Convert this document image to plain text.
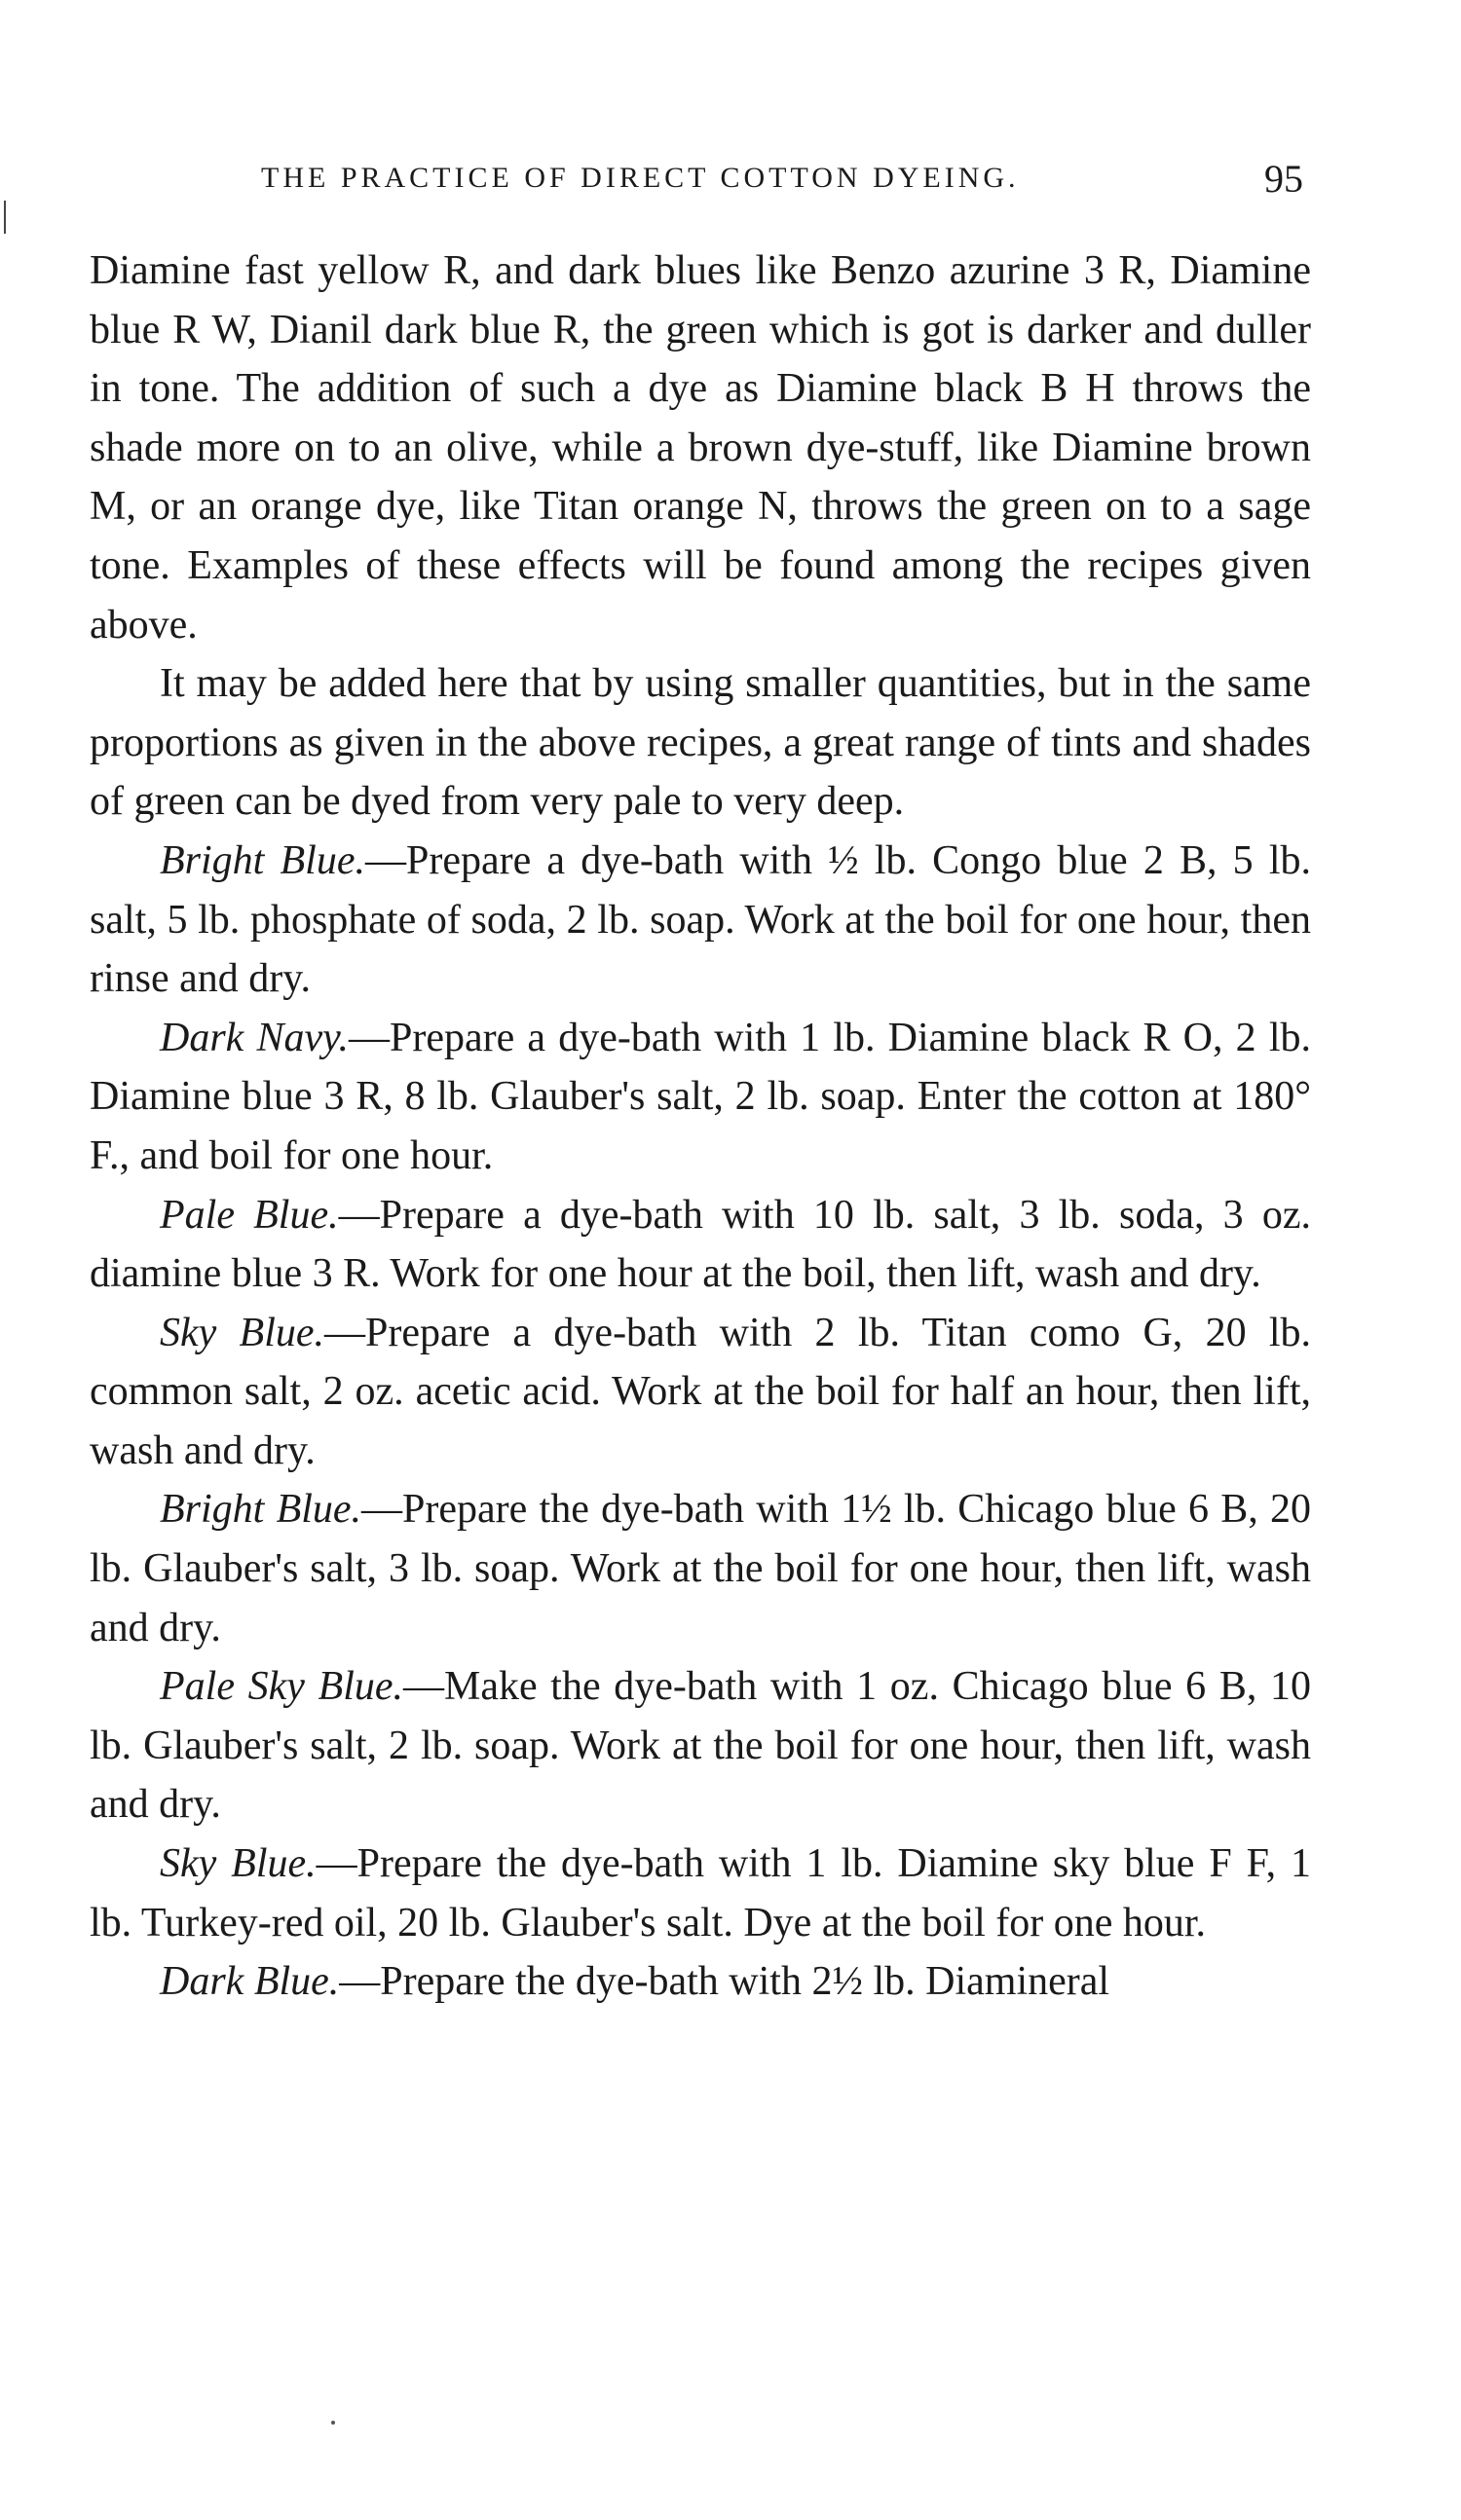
THE PRACTICE OF DIRECT COTTON DYEING.	95

Diamine fast yellow R, and dark blues like Benzo azurine 3 R, Diamine blue R W, Dianil dark blue R, the green which is got is darker and duller in tone. The addition of such a dye as Diamine black B H throws the shade more on to an olive, while a brown dye-stuff, like Diamine brown M, or an orange dye, like Titan orange N, throws the green on to a sage tone. Examples of these effects will be found among the recipes given above.

It may be added here that by using smaller quantities, but in the same proportions as given in the above recipes, a great range of tints and shades of green can be dyed from very pale to very deep.

Bright Blue.—Prepare a dye-bath with ½ lb. Congo blue 2 B, 5 lb. salt, 5 lb. phosphate of soda, 2 lb. soap. Work at the boil for one hour, then rinse and dry.

Dark Navy.—Prepare a dye-bath with 1 lb. Diamine black R O, 2 lb. Diamine blue 3 R, 8 lb. Glauber's salt, 2 lb. soap. Enter the cotton at 180° F., and boil for one hour.

Pale Blue.—Prepare a dye-bath with 10 lb. salt, 3 lb. soda, 3 oz. diamine blue 3 R. Work for one hour at the boil, then lift, wash and dry.

Sky Blue.—Prepare a dye-bath with 2 lb. Titan como G, 20 lb. common salt, 2 oz. acetic acid. Work at the boil for half an hour, then lift, wash and dry.

Bright Blue.—Prepare the dye-bath with 1½ lb. Chicago blue 6 B, 20 lb. Glauber's salt, 3 lb. soap. Work at the boil for one hour, then lift, wash and dry.

Pale Sky Blue.—Make the dye-bath with 1 oz. Chicago blue 6 B, 10 lb. Glauber's salt, 2 lb. soap. Work at the boil for one hour, then lift, wash and dry.

Sky Blue.—Prepare the dye-bath with 1 lb. Diamine sky blue F F, 1 lb. Turkey-red oil, 20 lb. Glauber's salt. Dye at the boil for one hour.

Dark Blue.—Prepare the dye-bath with 2½ lb. Diamineral
